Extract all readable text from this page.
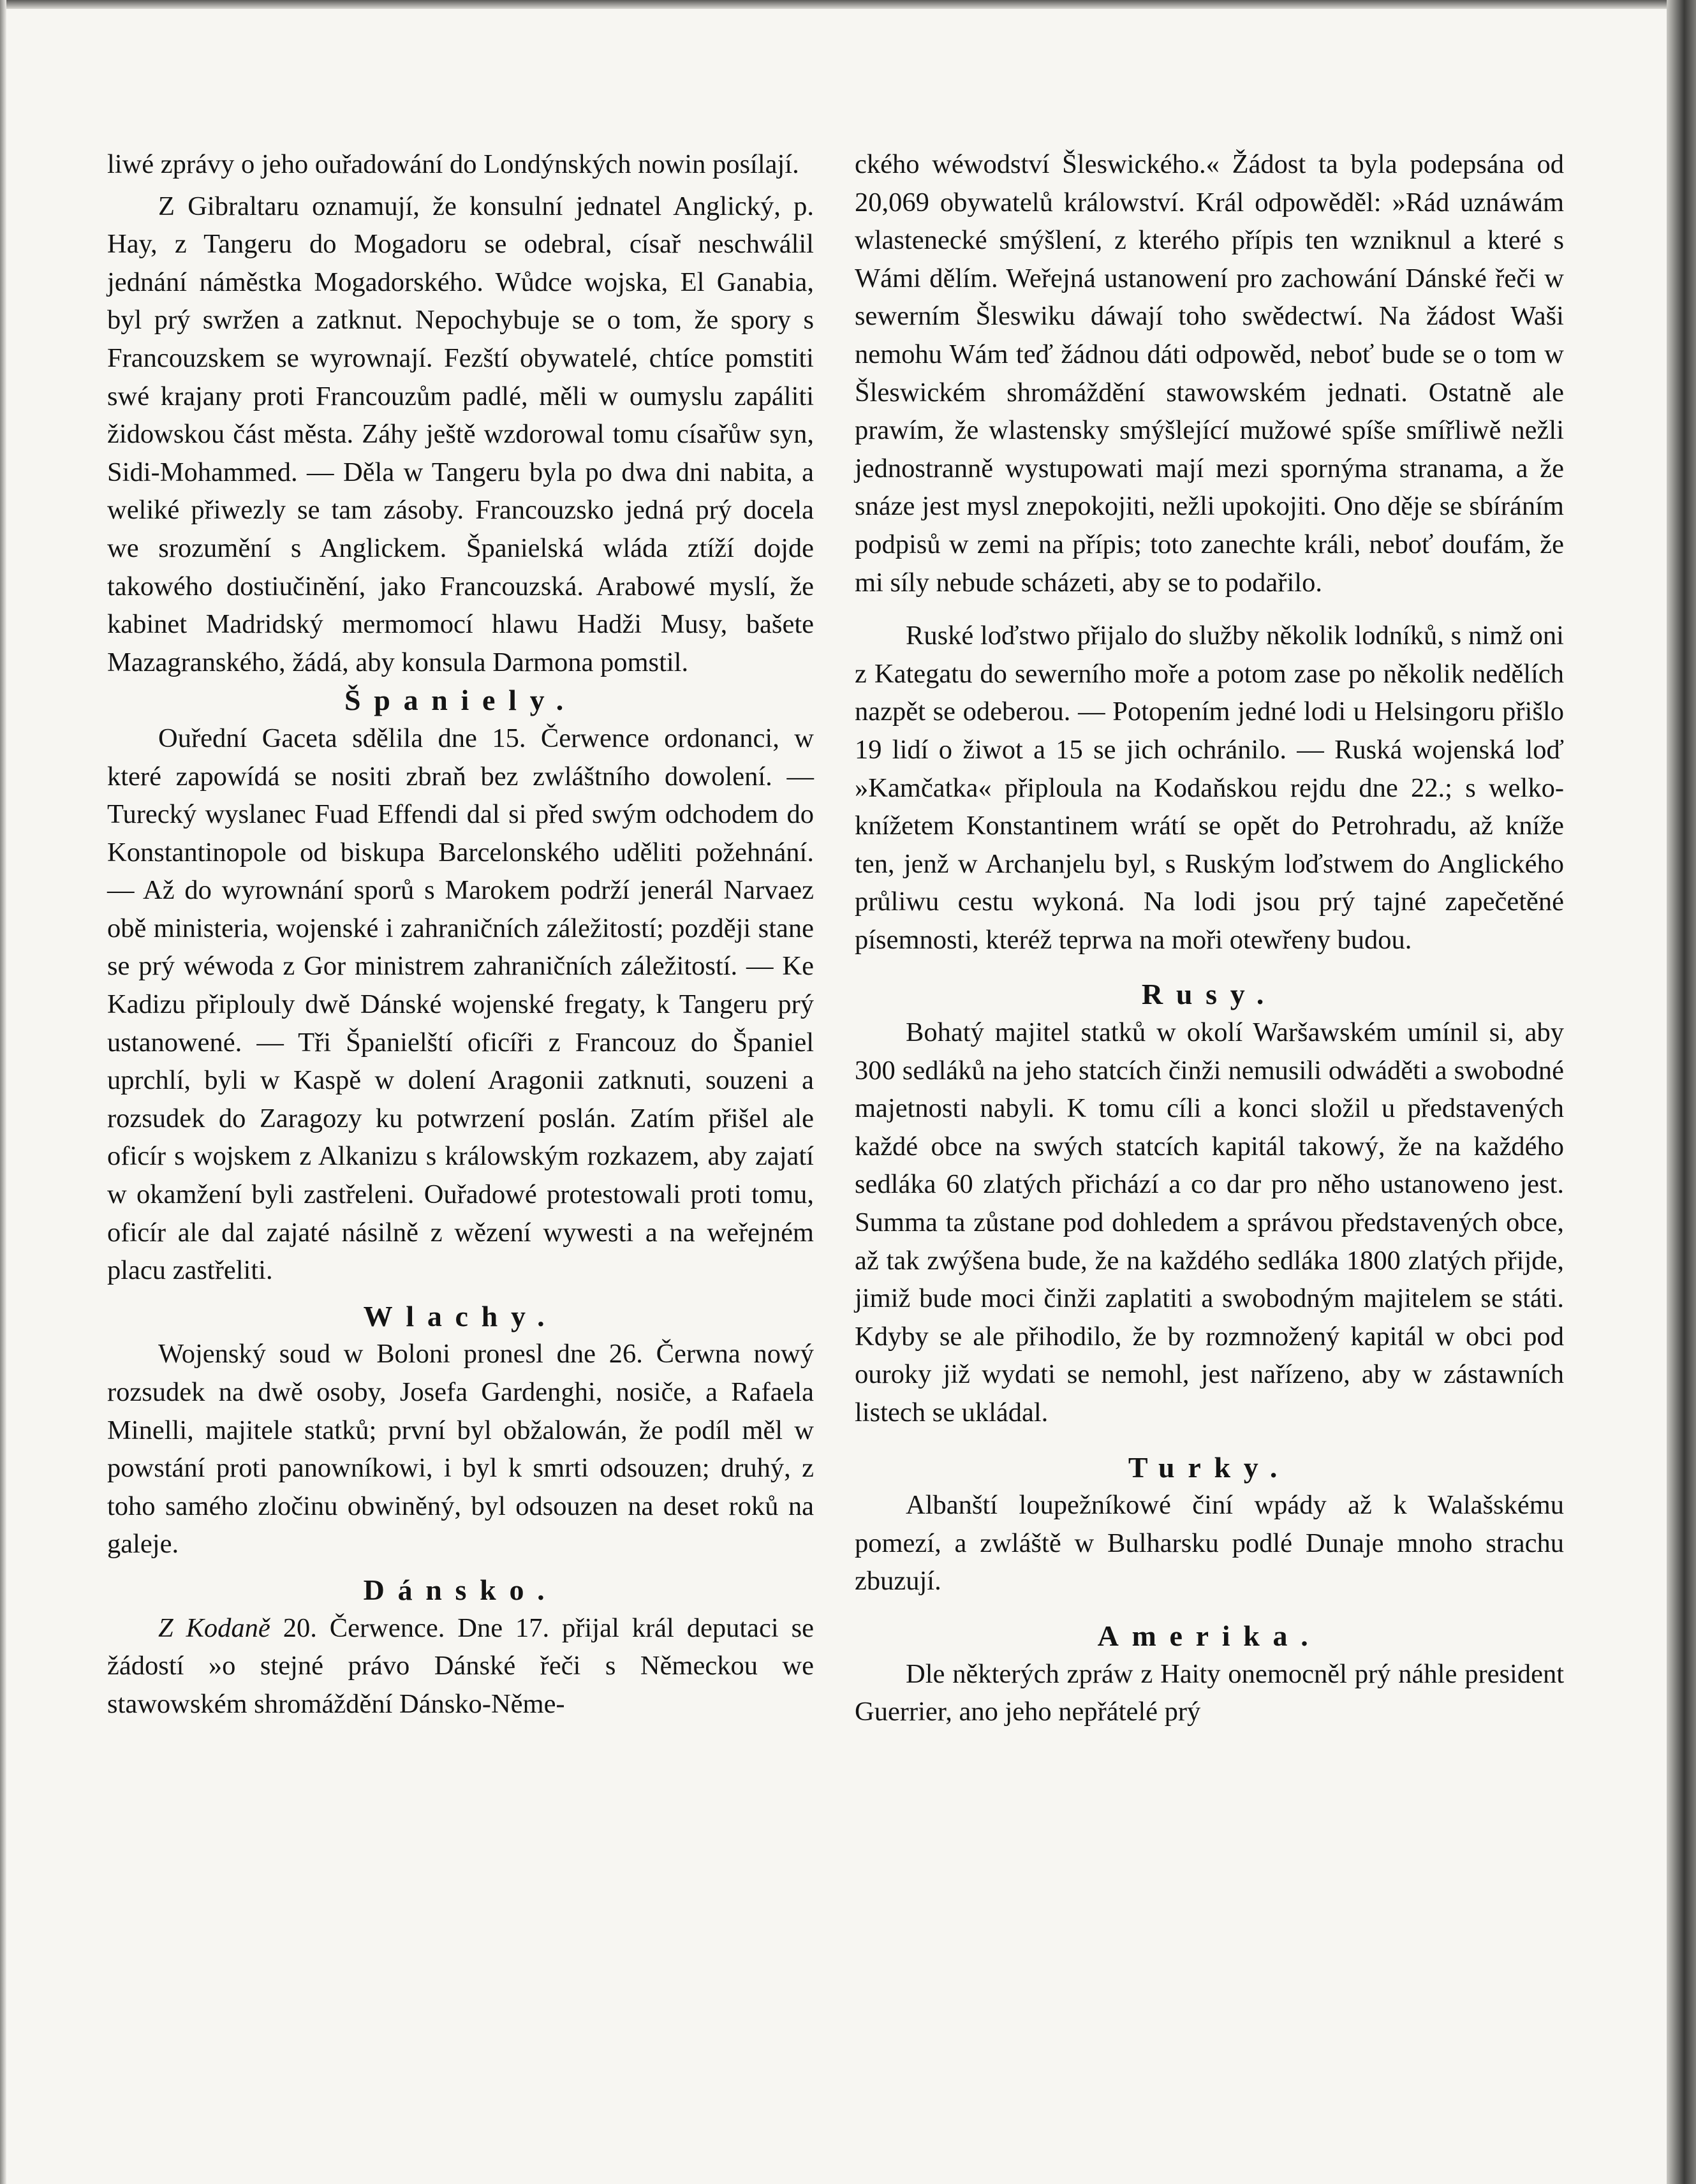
liwé zprávy o jeho ouřadowání do Londýnských nowin posílají.

Z Gibraltaru oznamují, že konsulní jednatel Anglický, p. Hay, z Tangeru do Mogadoru se odebral, císař neschwálil jednání náměstka Mogadorského. Wůdce wojska, El Ganabia, byl prý swržen a zatknut. Nepochybuje se o tom, že spory s Francouzskem se wyrownají. Fezští obywatelé, chtíce pomstiti swé krajany proti Francouzům padlé, měli w oumyslu zapáliti židowskou část města. Záhy ještě wzdorowal tomu císařůw syn, Sidi-Mohammed. — Děla w Tangeru byla po dwa dni nabita, a weliké přiwezly se tam zásoby. Francouzsko jedná prý docela we srozumění s Anglickem. Španielská wláda ztíží dojde takowého dostiučinění, jako Francouzská. Arabowé myslí, že kabinet Madridský mermomocí hlawu Hadži Musy, bašete Mazagranského, žádá, aby konsula Darmona pomstil.

Španiely.

Ouřední Gaceta sdělila dne 15. Čerwence ordonanci, w které zapowídá se nositi zbraň bez zwláštního dowolení. — Turecký wyslanec Fuad Effendi dal si před swým odchodem do Konstantinopole od biskupa Barcelonského uděliti požehnání. — Až do wyrownání sporů s Marokem podrží jenerál Narvaez obě ministeria, wojenské i zahraničních záležitostí; později stane se prý wéwoda z Gor ministrem zahraničních záležitostí. — Ke Kadizu připlouly dwě Dánské wojenské fregaty, k Tangeru prý ustanowené. — Tři Španielští oficíři z Francouz do Španiel uprchlí, byli w Kaspě w dolení Aragonii zatknuti, souzeni a rozsudek do Zaragozy ku potwrzení poslán. Zatím přišel ale oficír s wojskem z Alkanizu s králowským rozkazem, aby zajatí w okamžení byli zastřeleni. Ouřadowé protestowali proti tomu, oficír ale dal zajaté násilně z wězení wywesti a na weřejném placu zastřeliti.

Wlachy.

Wojenský soud w Boloni pronesl dne 26. Čerwna nowý rozsudek na dwě osoby, Josefa Gardenghi, nosiče, a Rafaela Minelli, majitele statků; první byl obžalowán, že podíl měl w powstání proti panowníkowi, i byl k smrti odsouzen; druhý, z toho samého zločinu obwiněný, byl odsouzen na deset roků na galeje.

Dánsko.

Z Kodaně 20. Čerwence. Dne 17. přijal král deputaci se žádostí »o stejné právo Dánské řeči s Německou we stawowském shromáždění Dánsko-Něme-

ckého wéwodství Šleswického.« Žádost ta byla podepsána od 20,069 obywatelů králowství. Král odpowěděl: »Rád uznáwám wlastenecké smýšlení, z kterého přípis ten wzniknul a které s Wámi dělím. Weřejná ustanowení pro zachowání Dánské řeči w sewerním Šleswiku dáwají toho swědectwí. Na žádost Waši nemohu Wám teď žádnou dáti odpowěd, neboť bude se o tom w Šleswickém shromáždění stawowském jednati. Ostatně ale prawím, že wlastensky smýšlející mužowé spíše smířliwě nežli jednostranně wystupowati mají mezi spornýma stranama, a že snáze jest mysl znepokojiti, nežli upokojiti. Ono děje se sbíráním podpisů w zemi na přípis; toto zanechte králi, neboť doufám, že mi síly nebude scházeti, aby se to podařilo.

Ruské loďstwo přijalo do služby několik lodníků, s nimž oni z Kategatu do sewerního moře a potom zase po několik nedělích nazpět se odeberou. — Potopením jedné lodi u Helsingoru přišlo 19 lidí o žiwot a 15 se jich ochránilo. — Ruská wojenská loď »Kamčatka« připloula na Kodaňskou rejdu dne 22.; s welko-knížetem Konstantinem wrátí se opět do Petrohradu, až kníže ten, jenž w Archanjelu byl, s Ruským loďstwem do Anglického průliwu cestu wykoná. Na lodi jsou prý tajné zapečetěné písemnosti, kteréž teprwa na moři otewřeny budou.

Rusy.

Bohatý majitel statků w okolí Waršawském umínil si, aby 300 sedláků na jeho statcích činži nemusili odwáděti a swobodné majetnosti nabyli. K tomu cíli a konci složil u představených každé obce na swých statcích kapitál takowý, že na každého sedláka 60 zlatých přichází a co dar pro něho ustanoweno jest. Summa ta zůstane pod dohledem a správou představených obce, až tak zwýšena bude, že na každého sedláka 1800 zlatých přijde, jimiž bude moci činži zaplatiti a swobodným majitelem se státi. Kdyby se ale přihodilo, že by rozmnožený kapitál w obci pod ouroky již wydati se nemohl, jest nařízeno, aby w zástawních listech se ukládal.

Turky.

Albanští loupežníkowé činí wpády až k Walašskému pomezí, a zwláště w Bulharsku podlé Dunaje mnoho strachu zbuzují.

Amerika.

Dle některých zpráw z Haity onemocněl prý náhle president Guerrier, ano jeho nepřátelé prý
